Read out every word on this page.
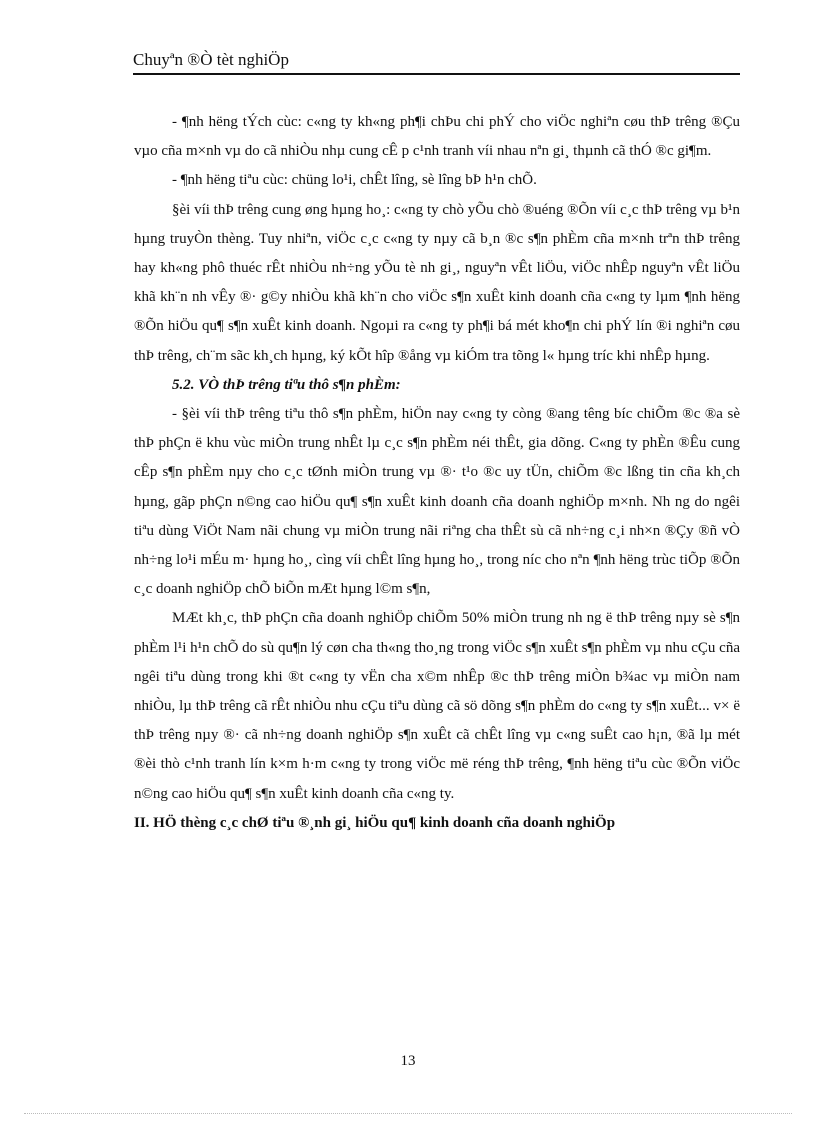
Chuyªn ®Ò tèt nghiÖp

- ¶nh hëng tÝch cùc: c«ng ty kh«ng ph¶i chÞu chi phÝ cho viÖc nghiªn cøu thÞ trêng ®Çu vµo cña m×nh vµ do cã nhiÒu nhµ cung cÊ p c¹nh tranh víi nhau nªn gi¸ thµnh cã thÓ ®c gi¶m.

- ¶nh hëng tiªu cùc: chüng lo¹i, chÊt lîng, sè lîng bÞ h¹n chÕ.

§èi víi thÞ trêng cung øng hµng ho¸: c«ng ty chò yÕu chò ®uéng ®Õn víi c¸c thÞ trêng vµ b¹n hµng truyÒn thèng. Tuy nhiªn, viÖc c¸c c«ng ty nµy cã b¸n ®c s¶n phÈm cña m×nh trªn thÞ trêng hay kh«ng phô thuéc rÊt nhiÒu nh÷ng yÕu tè nh gi¸, nguyªn vÊt liÖu, viÖc nhÊp nguyªn vÊt liÖu khã kh¨n nh vÊy ®· g©y nhiÒu khã kh¨n cho viÖc s¶n xuÊt kinh doanh cña c«ng ty lµm ¶nh hëng ®Õn hiÖu qu¶ s¶n xuÊt kinh doanh. Ngoµi ra c«ng ty ph¶i bá mét kho¶n chi phÝ lín ®i nghiªn cøu thÞ trêng, ch¨m sãc kh¸ch hµng, ký kÕt hîp ®ång vµ kiÓm tra tõng l« hµng tríc khi nhÊp hµng.

5.2. VÒ thÞ trêng tiªu thô s¶n phÈm:

- §èi víi thÞ trêng tiªu thô s¶n phÈm, hiÖn nay c«ng ty còng ®ang têng bíc chiÕm ®c ®a sè thÞ phÇn ë khu vùc miÒn trung nhÊt lµ c¸c s¶n phÈm néi thÊt, gia dõng. C«ng ty phÈn ®Êu cung cÊp s¶n phÈm nµy cho c¸c tØnh miÒn trung vµ ®· t¹o ®c uy tÜn, chiÕm ®c lßng tin cña kh¸ch hµng, gãp phÇn n©ng cao hiÖu qu¶ s¶n xuÊt kinh doanh cña doanh nghiÖp m×nh. Nh ng do ngêi tiªu dùng ViÖt Nam nãi chung vµ miÒn trung nãi riªng cha thÊt sù cã nh÷ng c¸i nh×n ®Çy ®ñ vÒ nh÷ng lo¹i mÉu m· hµng ho¸, cìng víi chÊt lîng hµng ho¸, trong níc cho nªn ¶nh hëng trùc tiÕp ®Õn c¸c doanh nghiÖp chÕ biÕn mÆt hµng l©m s¶n,

MÆt kh¸c, thÞ phÇn cña doanh nghiÖp chiÕm 50% miÒn trung nh ng ë thÞ trêng nµy sè s¶n phÈm l¹i h¹n chÕ do sù qu¶n lý cøn cha th«ng tho¸ng trong viÖc s¶n xuÊt s¶n phÈm vµ nhu cÇu cña ngêi tiªu dùng trong khi ®t c«ng ty vËn cha x©m nhÊp ®c thÞ trêng miÒn b¾ac vµ miÒn nam nhiÒu, lµ thÞ trêng cã rÊt nhiÒu nhu cÇu tiªu dùng cã sö dõng s¶n phÈm do c«ng ty s¶n xuÊt... v× ë thÞ trêng nµy ®· cã nh÷ng doanh nghiÖp s¶n xuÊt cã chÊt lîng vµ c«ng suÊt cao h¡n, ®ã lµ mét ®èi thò c¹nh tranh lín k×m h·m c«ng ty trong viÖc më réng thÞ trêng, ¶nh hëng tiªu cùc ®Õn viÖc n©ng cao hiÖu qu¶ s¶n xuÊt kinh doanh cña c«ng ty.

II. HÖ thèng c¸c chØ tiªu ®¸nh gi¸ hiÖu qu¶ kinh doanh cña doanh nghiÖp

13
